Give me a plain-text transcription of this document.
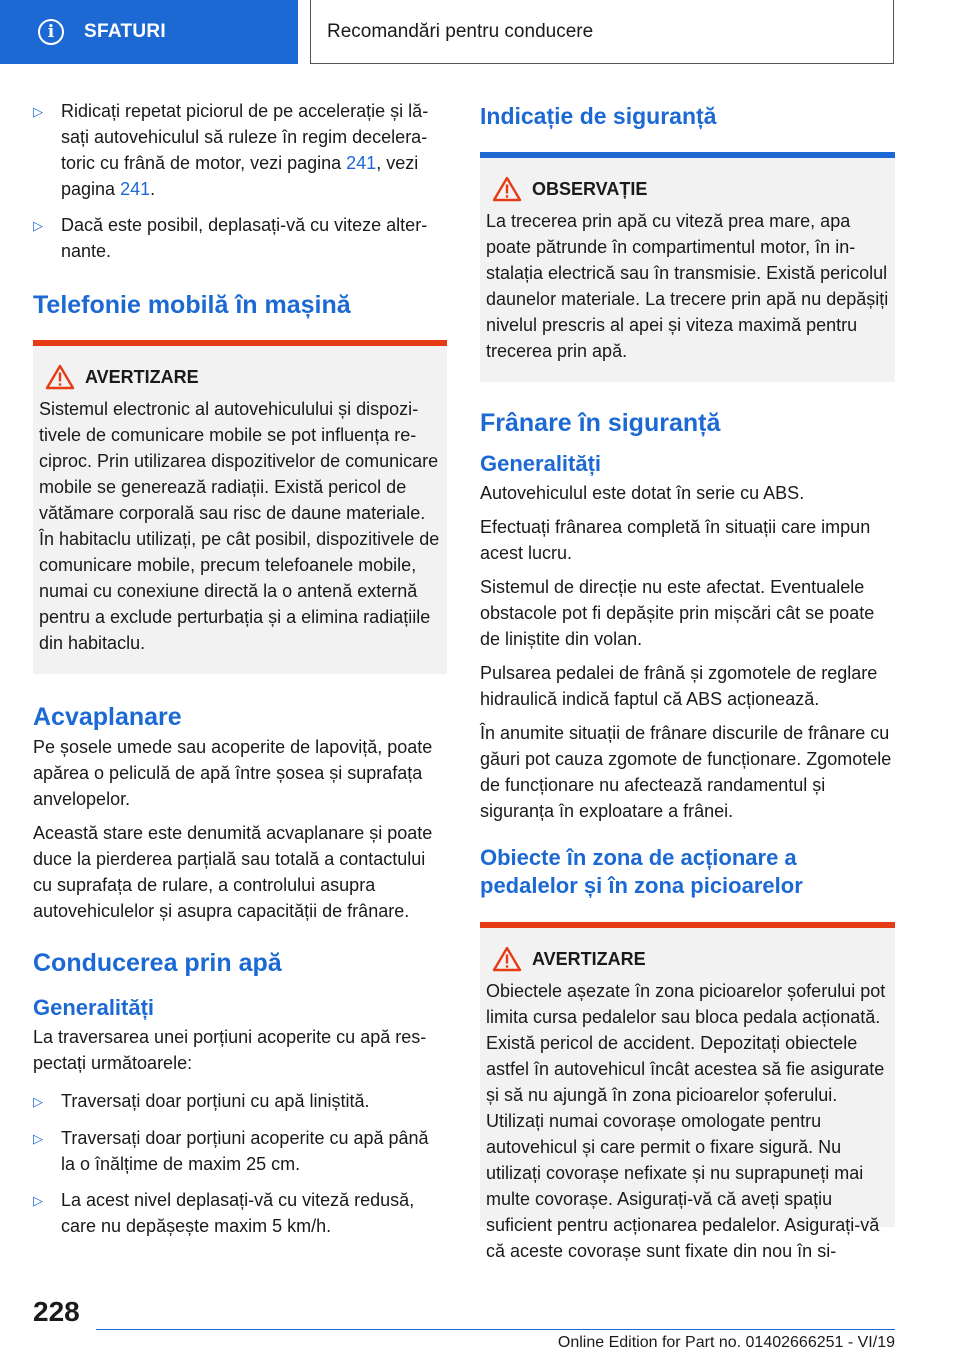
i	SFATURI	Recomandări pentru conducere
▷	Ridicați repetat piciorul de pe accelerație și lăsați autovehiculul să ruleze în regim deceleratoric cu frână de motor, vezi pagina 241, vezi pagina 241.
▷	Dacă este posibil, deplasați-vă cu viteze alternante.
Telefonie mobilă în mașină
AVERTIZARE
Sistemul electronic al autovehiculului și dispozitivele de comunicare mobile se pot influența reciproc. Prin utilizarea dispozitivelor de comunicare mobile se generează radiații. Există pericol de vătămare corporală sau risc de daune materiale. În habitaclu utilizați, pe cât posibil, dispozitivele de comunicare mobile, precum telefoanele mobile, numai cu conexiune directă la o antenă externă pentru a exclude perturbația și a elimina radiațiile din habitaclu.
Acvaplanare

Pe șosele umede sau acoperite de lapoviță, poate apărea o peliculă de apă între șosea și suprafața anvelopelor.

Această stare este denumită acvaplanare și poate duce la pierderea parțială sau totală a contactului cu suprafața de rulare, a controlului asupra autovehiculelor și asupra capacității de frânare.

Conducerea prin apă
Generalități

La traversarea unei porțiuni acoperite cu apă respectați următoarele:

▷	Traversați doar porțiuni cu apă liniștită.
▷	Traversați doar porțiuni acoperite cu apă până la o înălțime de maxim 25 cm.
▷	La acest nivel deplasați-vă cu viteză redusă, care nu depășește maxim 5 km/h.
Indicație de siguranță
OBSERVAȚIE
La trecerea prin apă cu viteză prea mare, apa poate pătrunde în compartimentul motor, în instalația electrică sau în transmisie. Există pericolul daunelor materiale. La trecere prin apă nu depășiți nivelul prescris al apei și viteza maximă pentru trecerea prin apă.
Frânare în siguranță
Generalități

Autovehiculul este dotat în serie cu ABS.

Efectuați frânarea completă în situații care impun acest lucru.

Sistemul de direcție nu este afectat. Eventualele obstacole pot fi depășite prin mișcări cât se poate de liniștite din volan.

Pulsarea pedalei de frână și zgomotele de reglare hidraulică indică faptul că ABS acționează.

În anumite situații de frânare discurile de frânare cu găuri pot cauza zgomote de funcționare. Zgomotele de funcționare nu afectează randamentul și siguranța în exploatare a frânei.

Obiecte în zona de acționare a pedalelor și în zona picioarelor
AVERTIZARE
Obiectele așezate în zona picioarelor șoferului pot limita cursa pedalelor sau bloca pedala acționată. Există pericol de accident. Depozitați obiectele astfel în autovehicul încât acestea să fie asigurate și să nu ajungă în zona picioarelor șoferului. Utilizați numai covorașe omologate pentru autovehicul și care permit o fixare sigură. Nu utilizați covorașe nefixate și nu suprapuneți mai multe covorașe. Asigurați-vă că aveți spațiu suficient pentru acționarea pedalelor. Asigurați-vă că aceste covorașe sunt fixate din nou în si-
228
Online Edition for Part no. 01402666251 - VI/19
